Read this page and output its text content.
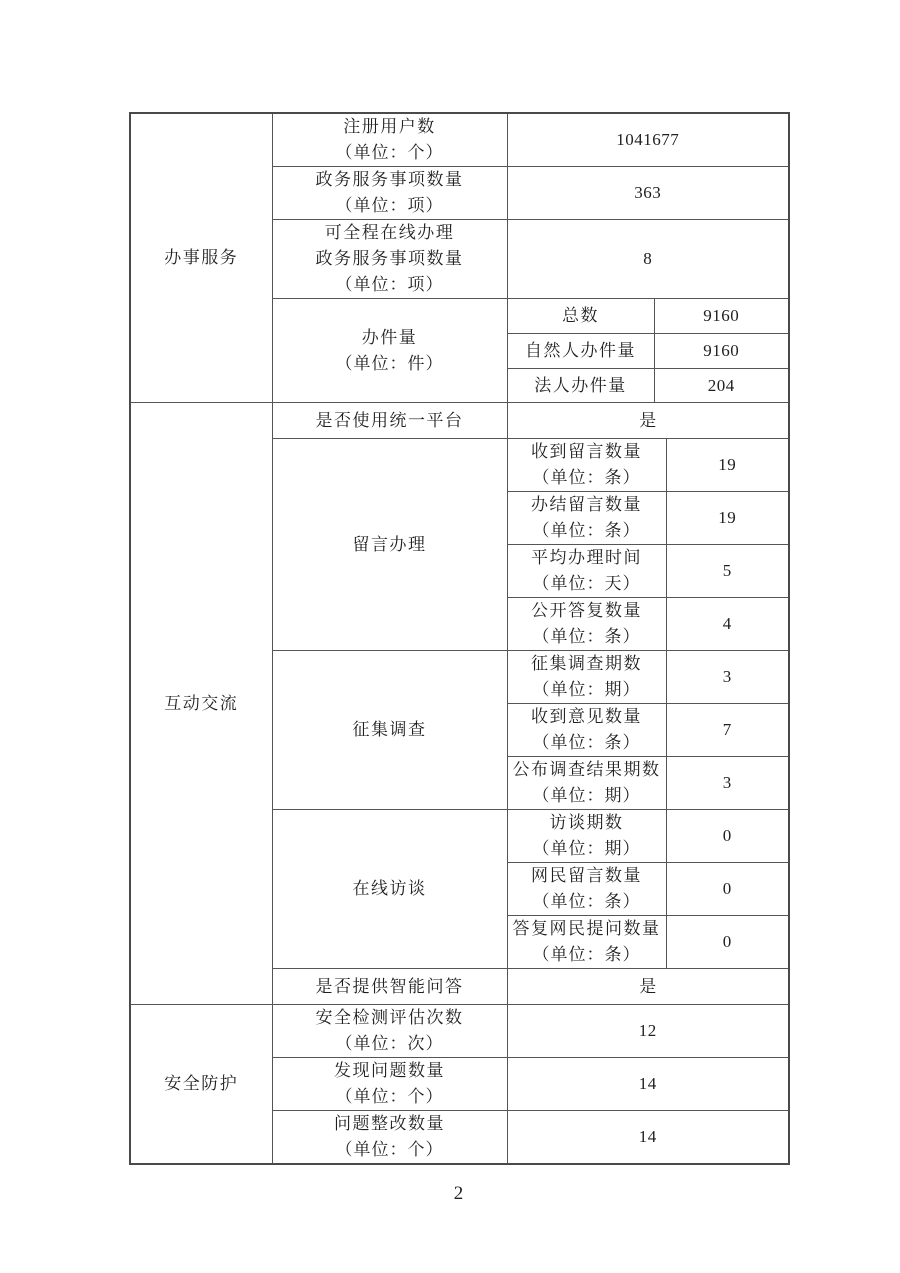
办事服务	注册用户数
（单位：个）	1041677		

	政务服务事项数量
（单位：项）	363		

	可全程在线办理
政务服务事项数量
（单位：项）	8		

	办件量
（单位：件）	总数	9160	

		自然人办件量	9160	

		法人办件量	204	

互动交流	是否使用统一平台	是		

	留言办理	收到留言数量
（单位：条）		19

		办结留言数量
（单位：条）		19

		平均办理时间
（单位：天）		5

		公开答复数量
（单位：条）		4

	征集调查	征集调查期数
（单位：期）		3

		收到意见数量
（单位：条）		7

		公布调查结果期数
（单位：期）		3

	在线访谈	访谈期数
（单位：期）		0

		网民留言数量
（单位：条）		0

		答复网民提问数量
（单位：条）		0

	是否提供智能问答	是		

安全防护	安全检测评估次数
（单位：次）	12		

	发现问题数量
（单位：个）	14		

	问题整改数量
（单位：个）	14		
2
